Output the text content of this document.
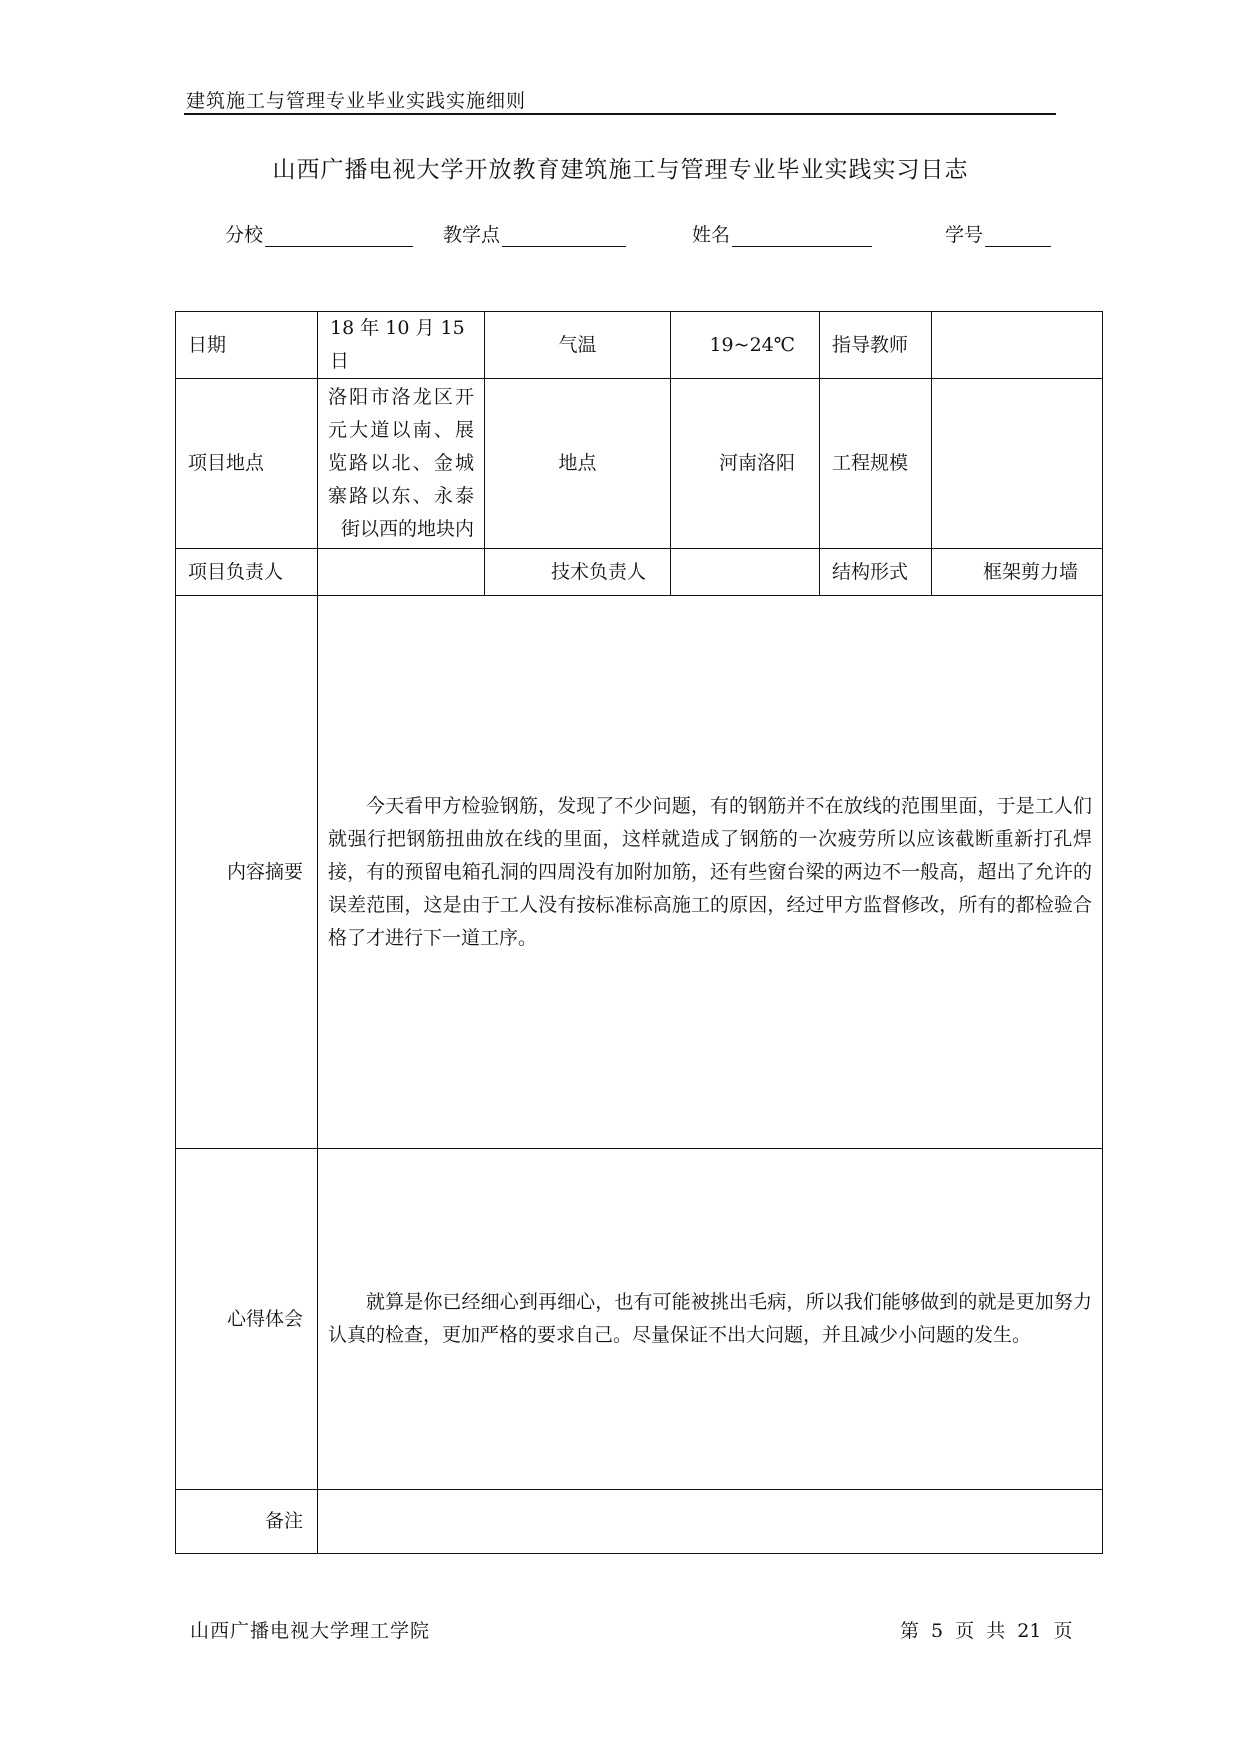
建筑施工与管理专业毕业实践实施细则
山西广播电视大学开放教育建筑施工与管理专业毕业实践实习日志
分校	教学点	姓名	学号
日期	18 年 10 月 15 日	气温	19~24℃	指导教师	
项目地点	洛阳市洛龙区开元大道以南、展览路以北、金城寨路以东、永泰街以西的地块内	地点	河南洛阳	工程规模	
项目负责人		技术负责人		结构形式	框架剪力墙
内容摘要	今天看甲方检验钢筋，发现了不少问题，有的钢筋并不在放线的范围里面，于是工人们就强行把钢筋扭曲放在线的里面，这样就造成了钢筋的一次疲劳所以应该截断重新打孔焊接，有的预留电箱孔洞的四周没有加附加筋，还有些窗台梁的两边不一般高，超出了允许的误差范围，这是由于工人没有按标准标高施工的原因，经过甲方监督修改，所有的都检验合格了才进行下一道工序。				
心得体会	就算是你已经细心到再细心，也有可能被挑出毛病，所以我们能够做到的就是更加努力认真的检查，更加严格的要求自己。尽量保证不出大问题，并且减少小问题的发生。				
备注					
山西广播电视大学理工学院	第 5 页 共 21 页
